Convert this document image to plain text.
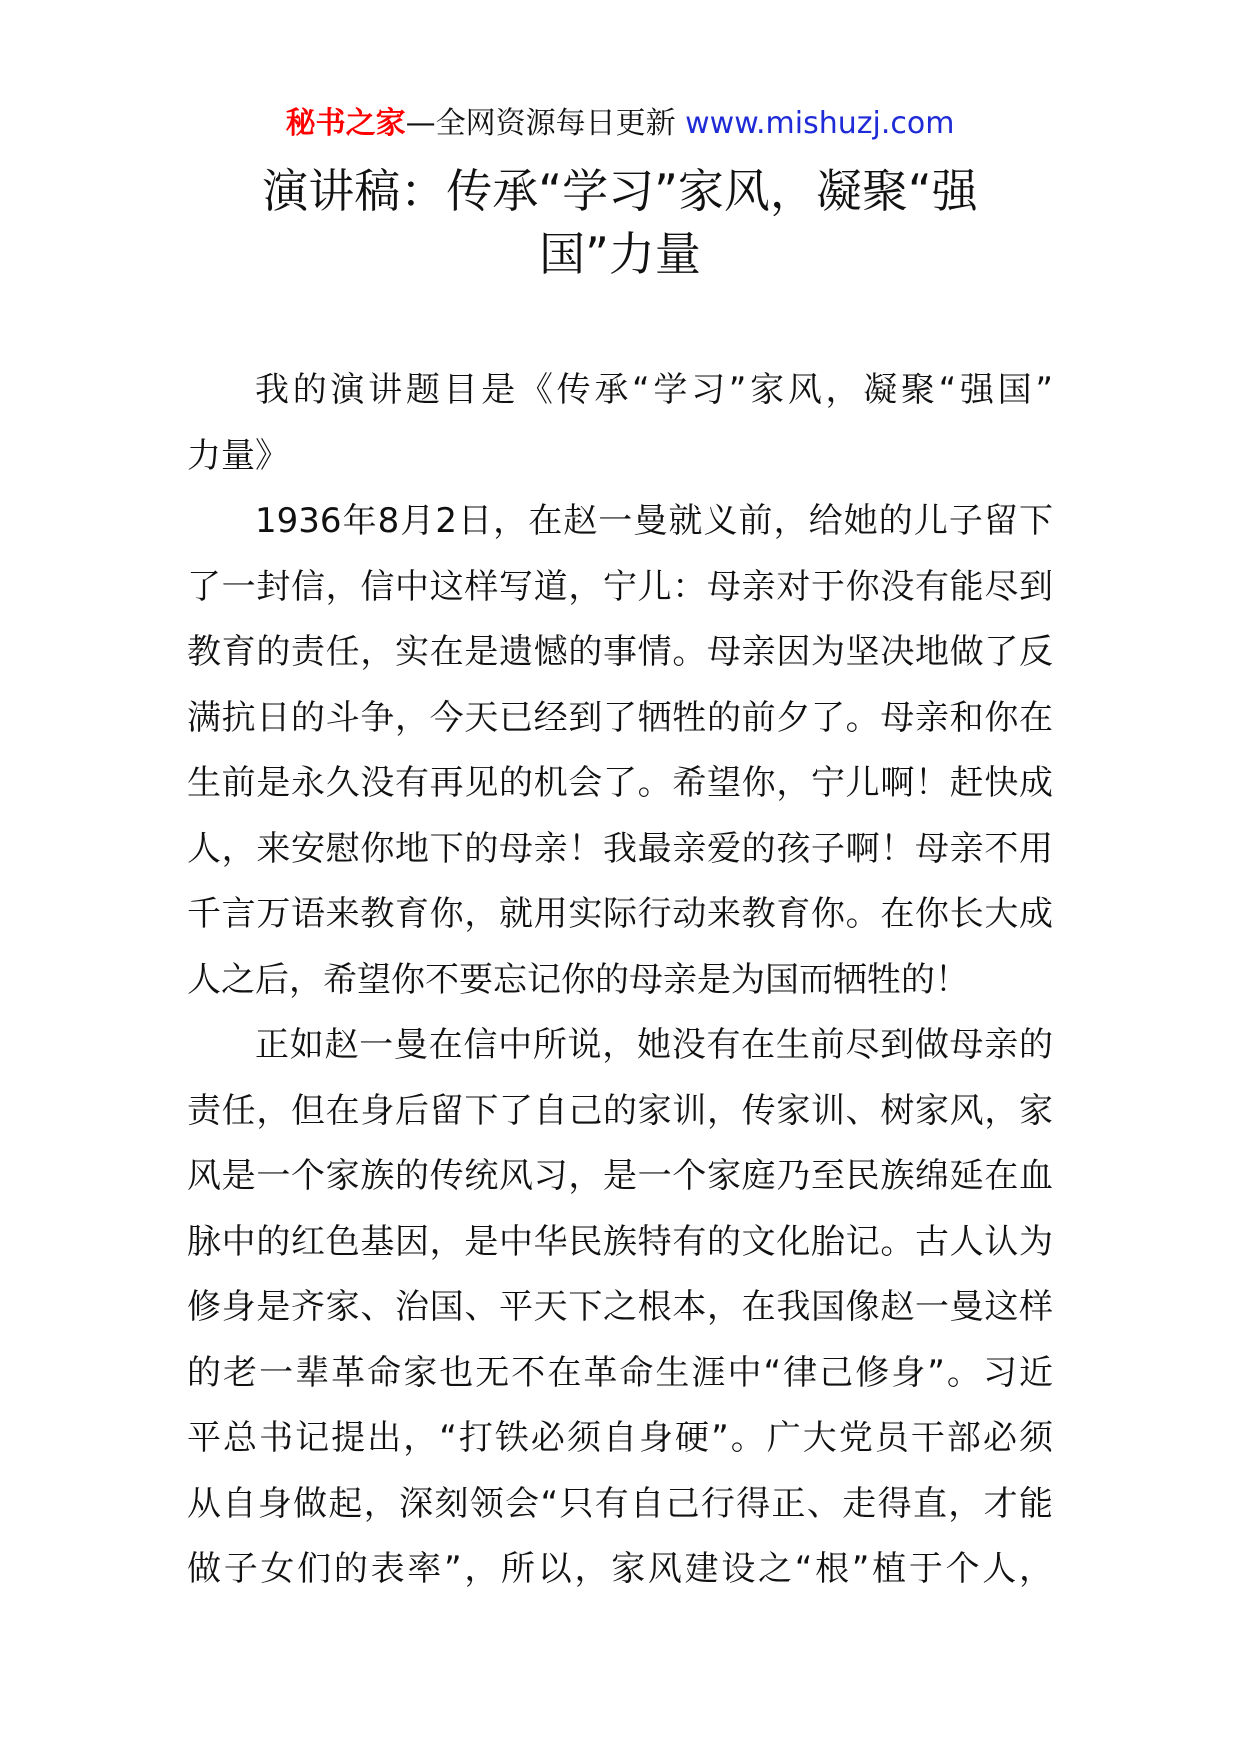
秘书之家—全网资源每日更新 www.mishuzj.com
演讲稿：传承“学习”家风，凝聚“强
国”力量
我的演讲题目是《传承“学习”家风，凝聚“强国”
力量》
1936年8月2日，在赵一曼就义前，给她的儿子留下
了一封信，信中这样写道，宁儿：母亲对于你没有能尽到
教育的责任，实在是遗憾的事情。母亲因为坚决地做了反
满抗日的斗争，今天已经到了牺牲的前夕了。母亲和你在
生前是永久没有再见的机会了。希望你，宁儿啊！赶快成
人，来安慰你地下的母亲！我最亲爱的孩子啊！母亲不用
千言万语来教育你，就用实际行动来教育你。在你长大成
人之后，希望你不要忘记你的母亲是为国而牺牲的！
正如赵一曼在信中所说，她没有在生前尽到做母亲的
责任，但在身后留下了自己的家训，传家训、树家风，家
风是一个家族的传统风习，是一个家庭乃至民族绵延在血
脉中的红色基因，是中华民族特有的文化胎记。古人认为
修身是齐家、治国、平天下之根本，在我国像赵一曼这样
的老一辈革命家也无不在革命生涯中“律己修身”。习近
平总书记提出，“打铁必须自身硬”。广大党员干部必须
从自身做起，深刻领会“只有自己行得正、走得直，才能
做子女们的表率”，所以，家风建设之“根”植于个人，
